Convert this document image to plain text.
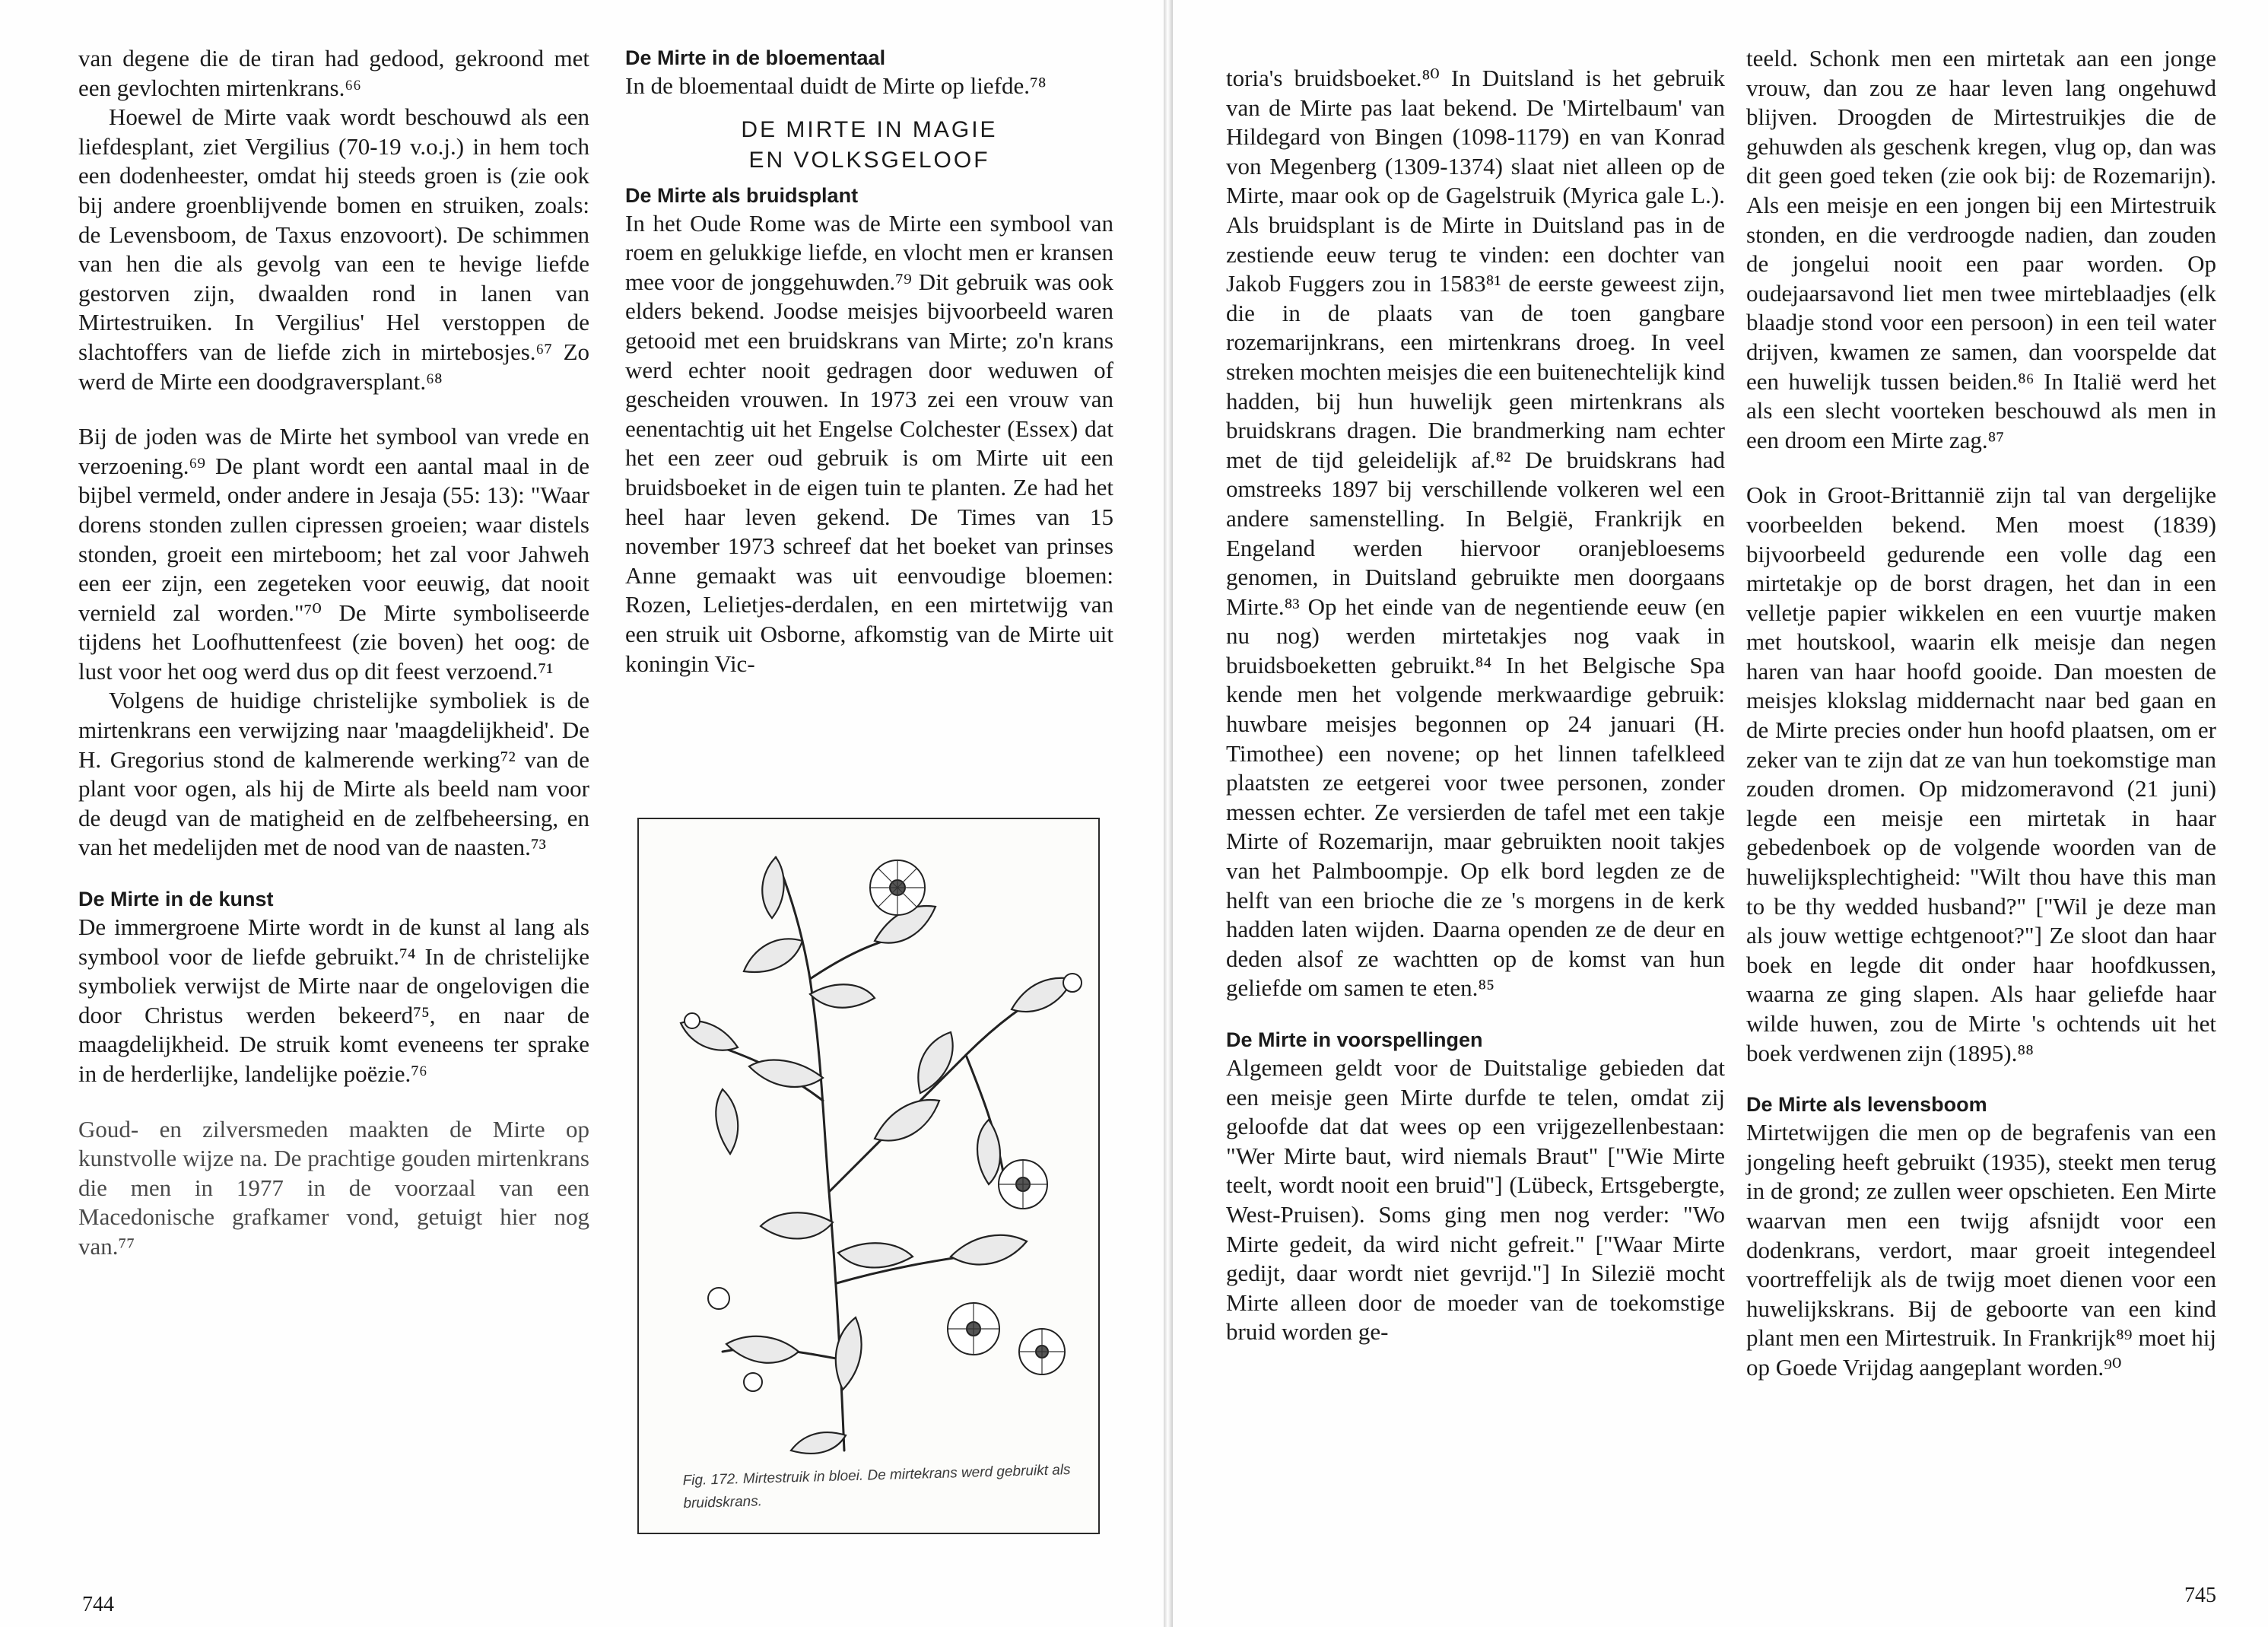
van degene die de tiran had gedood, gekroond met een gevlochten mirtenkrans.⁶⁶

Hoewel de Mirte vaak wordt beschouwd als een liefdesplant, ziet Vergilius (70-19 v.o.j.) in hem toch een dodenheester, omdat hij steeds groen is (zie ook bij andere groenblijvende bomen en struiken, zoals: de Levensboom, de Taxus enzovoort). De schimmen van hen die als gevolg van een te hevige liefde gestorven zijn, dwaalden rond in lanen van Mirtestruiken. In Vergilius' Hel verstoppen de slachtoffers van de liefde zich in mirtebosjes.⁶⁷ Zo werd de Mirte een doodgraversplant.⁶⁸

Bij de joden was de Mirte het symbool van vrede en verzoening.⁶⁹ De plant wordt een aantal maal in de bijbel vermeld, onder andere in Jesaja (55: 13): "Waar dorens stonden zullen cipressen groeien; waar distels stonden, groeit een mirteboom; het zal voor Jahweh een eer zijn, een zegeteken voor eeuwig, dat nooit vernield zal worden."⁷⁰ De Mirte symboliseerde tijdens het Loofhuttenfeest (zie boven) het oog: de lust voor het oog werd dus op dit feest verzoend.⁷¹

Volgens de huidige christelijke symboliek is de mirtenkrans een verwijzing naar 'maagdelijkheid'. De H. Gregorius stond de kalmerende werking⁷² van de plant voor ogen, als hij de Mirte als beeld nam voor de deugd van de matigheid en de zelfbeheersing, en van het medelijden met de nood van de naasten.⁷³

De Mirte in de kunst

De immergroene Mirte wordt in de kunst al lang als symbool voor de liefde gebruikt.⁷⁴ In de christelijke symboliek verwijst de Mirte naar de ongelovigen die door Christus werden bekeerd⁷⁵, en naar de maagdelijkheid. De struik komt eveneens ter sprake in de herderlijke, landelijke poëzie.⁷⁶

Goud- en zilversmeden maakten de Mirte op kunstvolle wijze na. De prachtige gouden mirtenkrans die men in 1977 in de voorzaal van een Macedonische grafkamer vond, getuigt hier nog van.⁷⁷

De Mirte in de bloementaal

In de bloementaal duidt de Mirte op liefde.⁷⁸

DE MIRTE IN MAGIE
EN VOLKSGELOOF
De Mirte als bruidsplant

In het Oude Rome was de Mirte een symbool van roem en gelukkige liefde, en vlocht men er kransen mee voor de jonggehuwden.⁷⁹ Dit gebruik was ook elders bekend. Joodse meisjes bijvoorbeeld waren getooid met een bruidskrans van Mirte; zo'n krans werd echter nooit gedragen door weduwen of gescheiden vrouwen. In 1973 zei een vrouw van eenentachtig uit het Engelse Colchester (Essex) dat het een zeer oud gebruik is om Mirte uit een bruidsboeket in de eigen tuin te planten. Ze had het heel haar leven gekend. De Times van 15 november 1973 schreef dat het boeket van prinses Anne gemaakt was uit eenvoudige bloemen: Rozen, Lelietjes-derdalen, en een mirtetwijg van een struik uit Osborne, afkomstig van de Mirte uit koningin Vic-

Fig. 172. Mirtestruik in bloei. De mirtekrans werd gebruikt als bruidskrans.
744

toria's bruidsboeket.⁸⁰ In Duitsland is het gebruik van de Mirte pas laat bekend. De 'Mirtelbaum' van Hildegard von Bingen (1098-1179) en van Konrad von Megenberg (1309-1374) slaat niet alleen op de Mirte, maar ook op de Gagelstruik (Myrica gale L.). Als bruidsplant is de Mirte in Duitsland pas in de zestiende eeuw terug te vinden: een dochter van Jakob Fuggers zou in 1583⁸¹ de eerste geweest zijn, die in de plaats van de toen gangbare rozemarijnkrans, een mirtenkrans droeg. In veel streken mochten meisjes die een buitenechtelijk kind hadden, bij hun huwelijk geen mirtenkrans als bruidskrans dragen. Die brandmerking nam echter met de tijd geleidelijk af.⁸² De bruidskrans had omstreeks 1897 bij verschillende volkeren wel een andere samenstelling. In België, Frankrijk en Engeland werden hiervoor oranjebloesems genomen, in Duitsland gebruikte men doorgaans Mirte.⁸³ Op het einde van de negentiende eeuw (en nu nog) werden mirtetakjes nog vaak in bruidsboeketten gebruikt.⁸⁴ In het Belgische Spa kende men het volgende merkwaardige gebruik: huwbare meisjes begonnen op 24 januari (H. Timothee) een novene; op het linnen tafelkleed plaatsten ze eetgerei voor twee personen, zonder messen echter. Ze versierden de tafel met een takje Mirte of Rozemarijn, maar gebruikten nooit takjes van het Palmboompje. Op elk bord legden ze de helft van een brioche die ze 's morgens in de kerk hadden laten wijden. Daarna openden ze de deur en deden alsof ze wachtten op de komst van hun geliefde om samen te eten.⁸⁵

De Mirte in voorspellingen

Algemeen geldt voor de Duitstalige gebieden dat een meisje geen Mirte durfde te telen, omdat zij geloofde dat dat wees op een vrijgezellenbestaan: "Wer Mirte baut, wird niemals Braut" ["Wie Mirte teelt, wordt nooit een bruid"] (Lübeck, Ertsgebergte, West-Pruisen). Soms ging men nog verder: "Wo Mirte gedeit, da wird nicht gefreit." ["Waar Mirte gedijt, daar wordt niet gevrijd."] In Silezië mocht Mirte alleen door de moeder van de toekomstige bruid worden ge-

teeld. Schonk men een mirtetak aan een jonge vrouw, dan zou ze haar leven lang ongehuwd blijven. Droogden de Mirtestruikjes die de gehuwden als geschenk kregen, vlug op, dan was dit geen goed teken (zie ook bij: de Rozemarijn). Als een meisje en een jongen bij een Mirtestruik stonden, en die verdroogde nadien, dan zouden de jongelui nooit een paar worden. Op oudejaarsavond liet men twee mirteblaadjes (elk blaadje stond voor een persoon) in een teil water drijven, kwamen ze samen, dan voorspelde dat een huwelijk tussen beiden.⁸⁶ In Italië werd het als een slecht voorteken beschouwd als men in een droom een Mirte zag.⁸⁷

Ook in Groot-Brittannië zijn tal van dergelijke voorbeelden bekend. Men moest (1839) bijvoorbeeld gedurende een volle dag een mirtetakje op de borst dragen, het dan in een velletje papier wikkelen en een vuurtje maken met houtskool, waarin elk meisje dan negen haren van haar hoofd gooide. Dan moesten de meisjes klokslag middernacht naar bed gaan en de Mirte precies onder hun hoofd plaatsen, om er zeker van te zijn dat ze van hun toekomstige man zouden dromen. Op midzomeravond (21 juni) legde een meisje een mirtetak in haar gebedenboek op de volgende woorden van de huwelijksplechtigheid: "Wilt thou have this man to be thy wedded husband?" ["Wil je deze man als jouw wettige echtgenoot?"] Ze sloot dan haar boek en legde dit onder haar hoofdkussen, waarna ze ging slapen. Als haar geliefde haar wilde huwen, zou de Mirte 's ochtends uit het boek verdwenen zijn (1895).⁸⁸

De Mirte als levensboom

Mirtetwijgen die men op de begrafenis van een jongeling heeft gebruikt (1935), steekt men terug in de grond; ze zullen weer opschieten. Een Mirte waarvan men een twijg afsnijdt voor een dodenkrans, verdort, maar groeit integendeel voortreffelijk als de twijg moet dienen voor een huwelijkskrans. Bij de geboorte van een kind plant men een Mirtestruik. In Frankrijk⁸⁹ moet hij op Goede Vrijdag aangeplant worden.⁹⁰

745
